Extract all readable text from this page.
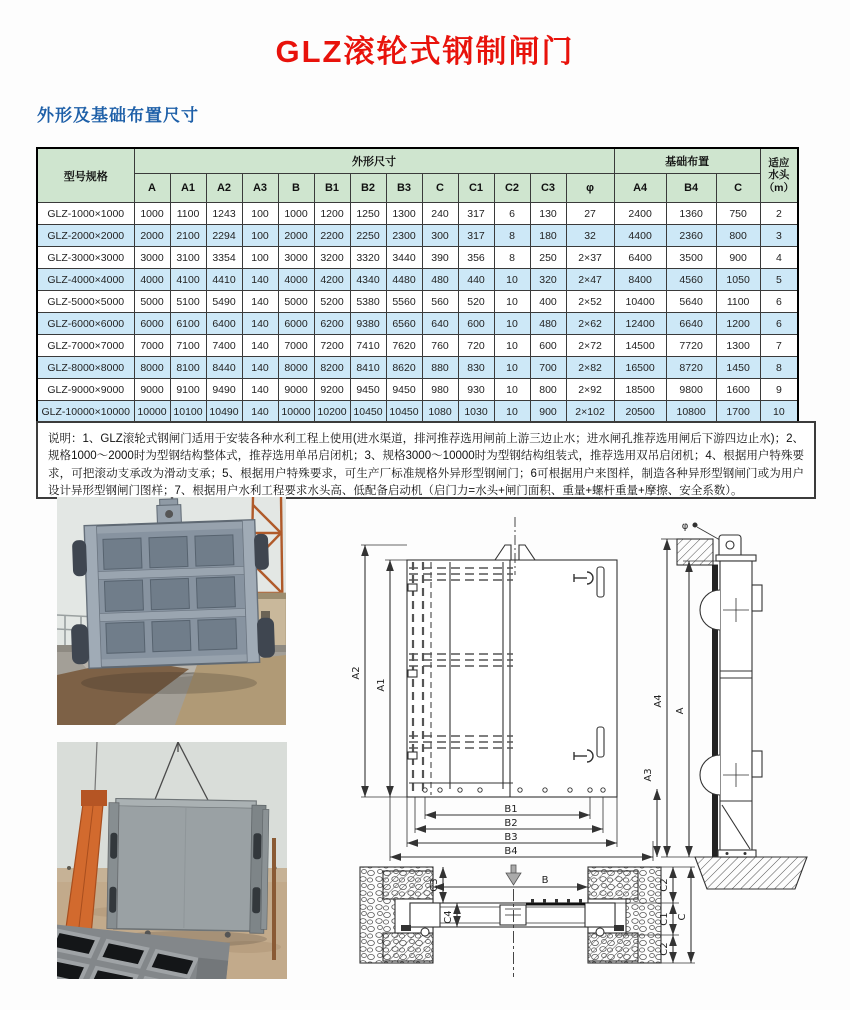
GLZ滚轮式钢制闸门
外形及基础布置尺寸
型号规格	外形尺寸													基础布置			适应
水头
（m）

	A	A1	A2	A3	B	B1	B2	B3	C	C1	C2	C3	φ	A4	B4	C	
GLZ-1000×1000	1000	1100	1243	100	1000	1200	1250	1300	240	317	6	130	27	2400	1360	750	2
GLZ-2000×2000	2000	2100	2294	100	2000	2200	2250	2300	300	317	8	180	32	4400	2360	800	3
GLZ-3000×3000	3000	3100	3354	100	3000	3200	3320	3440	390	356	8	250	2×37	6400	3500	900	4
GLZ-4000×4000	4000	4100	4410	140	4000	4200	4340	4480	480	440	10	320	2×47	8400	4560	1050	5
GLZ-5000×5000	5000	5100	5490	140	5000	5200	5380	5560	560	520	10	400	2×52	10400	5640	1100	6
GLZ-6000×6000	6000	6100	6400	140	6000	6200	9380	6560	640	600	10	480	2×62	12400	6640	1200	6
GLZ-7000×7000	7000	7100	7400	140	7000	7200	7410	7620	760	720	10	600	2×72	14500	7720	1300	7
GLZ-8000×8000	8000	8100	8440	140	8000	8200	8410	8620	880	830	10	700	2×82	16500	8720	1450	8
GLZ-9000×9000	9000	9100	9490	140	9000	9200	9450	9450	980	930	10	800	2×92	18500	9800	1600	9
GLZ-10000×10000	10000	10100	10490	140	10000	10200	10450	10450	1080	1030	10	900	2×102	20500	10800	1700	10
说明：1、GLZ滚轮式钢闸门适用于安装各种水利工程上使用(进水渠道，排河推荐选用闸前上游三边止水；进水闸孔推荐选用闸后下游四边止水)；2、规格1000～2000时为型钢结构整体式，推荐选用单吊启闭机；3、规格3000～10000时为型钢结构组装式，推荐选用双吊启闭机；4、根据用户特殊要求，可把滚动支承改为滑动支承；5、根据用户特殊要求，可生产厂标准规格外异形型钢闸门；6可根据用户来图样，制造各种异形型钢闸门或为用户设计异形型钢闸门图样；7、根据用户水利工程要求水头高、低配备启动机（启门力=水头+闸门面积、重量+螺杆重量+摩擦、安全系数）。
A2
A1
B1
B2
B3
B4
φ
A4
A
A3
B
C3
C4
C2
C1
C2
C
